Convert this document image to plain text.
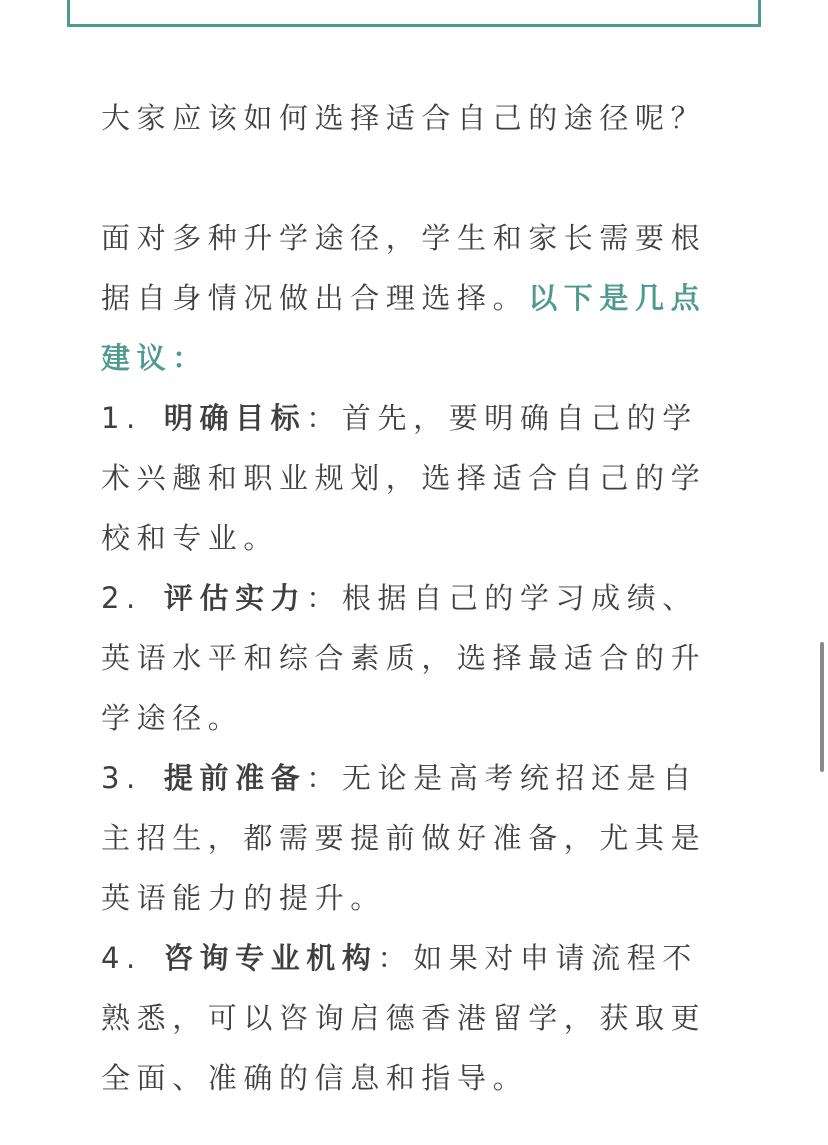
大家应该如何选择适合自己的途径呢？

面对多种升学途径，学生和家长需要根据自身情况做出合理选择。以下是几点建议：

1. 明确目标：首先，要明确自己的学术兴趣和职业规划，选择适合自己的学校和专业。

2. 评估实力：根据自己的学习成绩、英语水平和综合素质，选择最适合的升学途径。

3. 提前准备：无论是高考统招还是自主招生，都需要提前做好准备，尤其是英语能力的提升。

4. 咨询专业机构：如果对申请流程不熟悉，可以咨询启德香港留学，获取更全面、准确的信息和指导。
